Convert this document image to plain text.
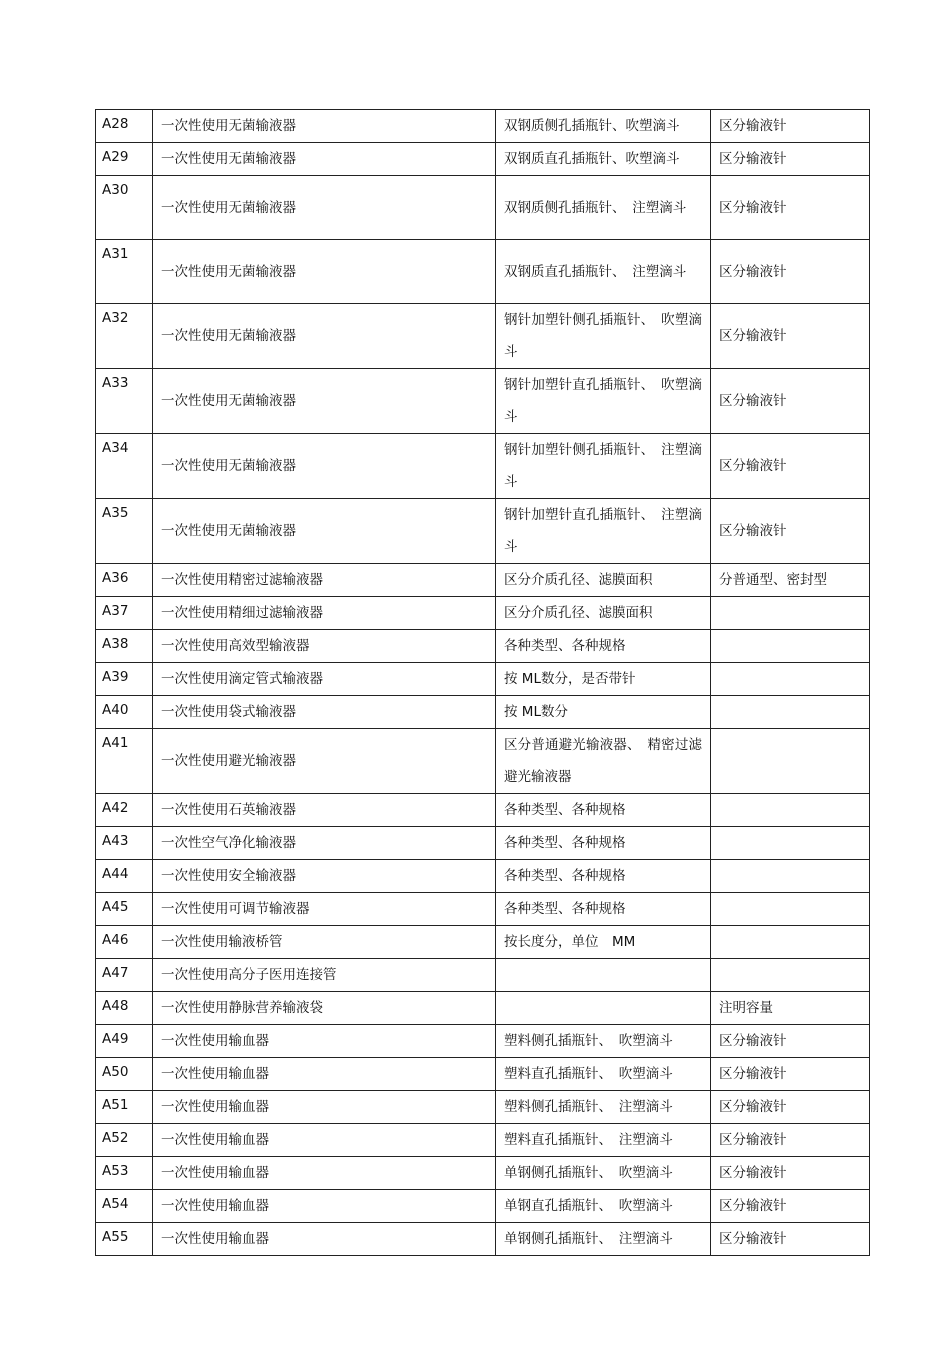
A28	一次性使用无菌输液器	双钢质侧孔插瓶针、吹塑滴斗	区分输液针
A29	一次性使用无菌输液器	双钢质直孔插瓶针、吹塑滴斗	区分输液针
A30	一次性使用无菌输液器	双钢质侧孔插瓶针、　注塑滴斗	区分输液针
A31	一次性使用无菌输液器	双钢质直孔插瓶针、　注塑滴斗	区分输液针
A32	一次性使用无菌输液器	钢针加塑针侧孔插瓶针、　吹塑滴斗	区分输液针
A33	一次性使用无菌输液器	钢针加塑针直孔插瓶针、　吹塑滴斗	区分输液针
A34	一次性使用无菌输液器	钢针加塑针侧孔插瓶针、　注塑滴斗	区分输液针
A35	一次性使用无菌输液器	钢针加塑针直孔插瓶针、　注塑滴斗	区分输液针
A36	一次性使用精密过滤输液器	区分介质孔径、滤膜面积	分普通型、密封型
A37	一次性使用精细过滤输液器	区分介质孔径、滤膜面积	
A38	一次性使用高效型输液器	各种类型、各种规格	
A39	一次性使用滴定管式输液器	按 ML数分，是否带针	
A40	一次性使用袋式输液器	按 ML数分	
A41	一次性使用避光输液器	区分普通避光输液器、　精密过滤避光输液器	
A42	一次性使用石英输液器	各种类型、各种规格	
A43	一次性空气净化输液器	各种类型、各种规格	
A44	一次性使用安全输液器	各种类型、各种规格	
A45	一次性使用可调节输液器	各种类型、各种规格	
A46	一次性使用输液桥管	按长度分，单位　MM	
A47	一次性使用高分子医用连接管		
A48	一次性使用静脉营养输液袋		注明容量
A49	一次性使用输血器	塑料侧孔插瓶针、　吹塑滴斗	区分输液针
A50	一次性使用输血器	塑料直孔插瓶针、　吹塑滴斗	区分输液针
A51	一次性使用输血器	塑料侧孔插瓶针、　注塑滴斗	区分输液针
A52	一次性使用输血器	塑料直孔插瓶针、　注塑滴斗	区分输液针
A53	一次性使用输血器	单钢侧孔插瓶针、　吹塑滴斗	区分输液针
A54	一次性使用输血器	单钢直孔插瓶针、　吹塑滴斗	区分输液针
A55	一次性使用输血器	单钢侧孔插瓶针、　注塑滴斗	区分输液针
